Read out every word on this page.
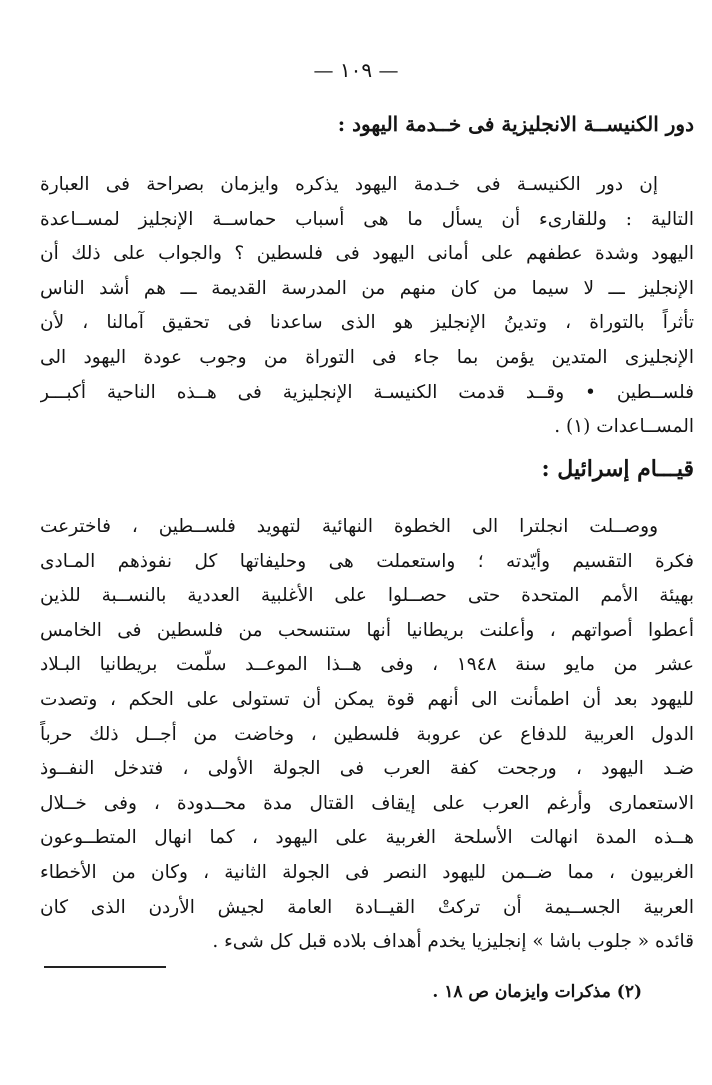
— ١٠٩ —
دور الكنيســة الانجليزية فى خــدمة اليهود :

إن دور الكنيسـة فى خـدمة اليهود يذكره وايزمان بصراحة فى العبارة
التالية : وللقارىء أن يسأل ما هى أسباب حماســة الإنجليز لمســاعدة
اليهود وشدة عطفهم على أمانى اليهود فى فلسطين ؟ والجواب على ذلك أن
الإنجليز ـــ لا سيما من كان منهم من المدرسة القديمة ـــ هم أشد الناس
تأثراً بالتوراة ، وتدينُ الإنجليز هو الذى ساعدنا فى تحقيق آمالنا ، لأن
الإنجليزى المتدين يؤمن بما جاء فى التوراة من وجوب عودة اليهود الى
فلســطين • وقــد قدمت الكنيسـة الإنجليزية فى هــذه الناحية أكبـــر
المســاعدات (١) .

قيـــام إسرائيل :

ووصــلت انجلترا الى الخطوة النهائية لتهويد فلســطين ، فاخترعت
فكرة التقسيم وأيّدته ؛ واستعملت هى وحليفاتها كل نفوذهم المـادى
بهيئة الأمم المتحدة حتى حصــلوا على الأغلبية العددية بالنســبة للذين
أعطوا أصواتهم ، وأعلنت بريطانيا أنها ستنسحب من فلسطين فى الخامس
عشر من مايو سنة ١٩٤٨ ، وفى هــذا الموعــد سلّمت بريطانيا البـلاد
لليهود بعد أن اطمأنت الى أنهم قوة يمكن أن تستولى على الحكم ، وتصدت
الدول العربية للدفاع عن عروبة فلسطين ، وخاضت من أجــل ذلك حرباً
ضـد اليهود ، ورجحت كفة العرب فى الجولة الأولى ، فتدخل النفــوذ
الاستعمارى وأرغم العرب على إيقاف القتال مدة محــدودة ، وفى خــلال
هــذه المدة انهالت الأسلحة الغربية على اليهود ، كما انهال المتطــوعون
الغربيون ، مما ضــمن لليهود النصر فى الجولة الثانية ، وكان من الأخطاء
العربية الجســيمة أن تركتْ القيــادة العامة لجيش الأردن الذى كان
قائده « جلوب باشا » إنجليزيا يخدم أهداف بلاده قبل كل شىء .

(٢) مذكرات وايزمان ص ١٨ .
